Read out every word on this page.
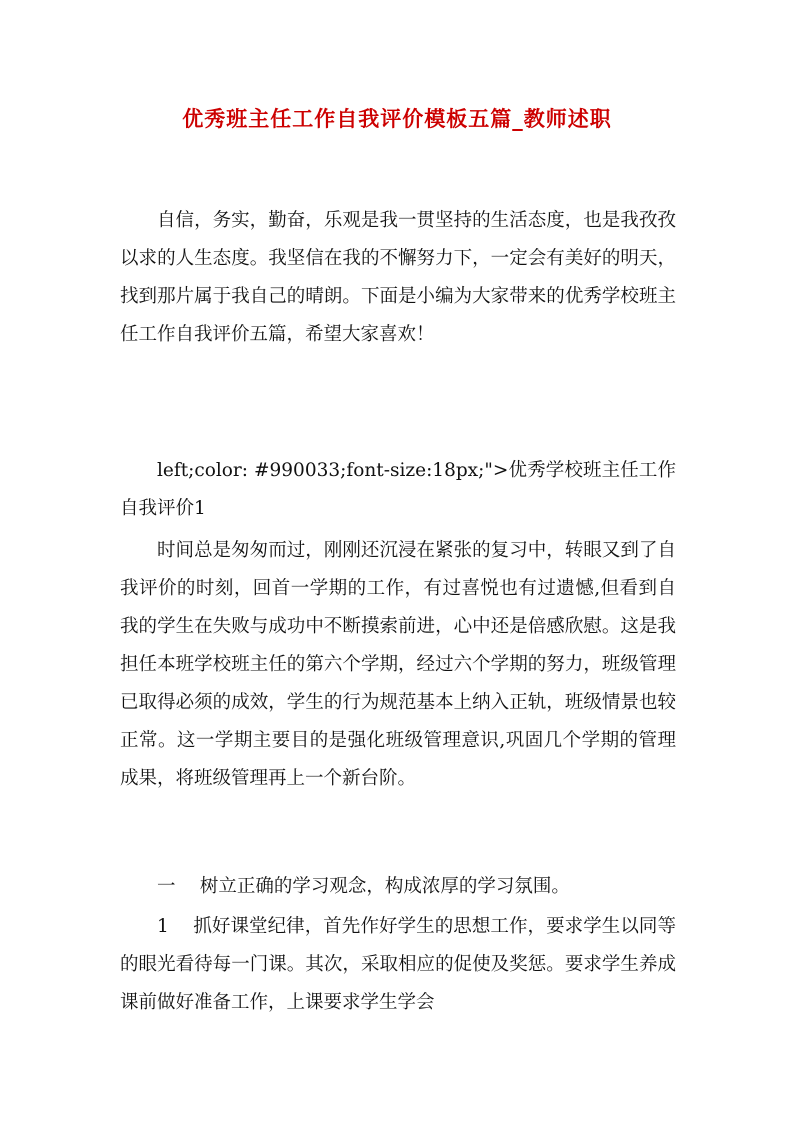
优秀班主任工作自我评价模板五篇_教师述职

自信，务实，勤奋，乐观是我一贯坚持的生活态度，也是我孜孜以求的人生态度。我坚信在我的不懈努力下，一定会有美好的明天，找到那片属于我自己的晴朗。下面是小编为大家带来的优秀学校班主任工作自我评价五篇，希望大家喜欢！

left;color: #990033;font-size:18px;">优秀学校班主任工作自我评价1

时间总是匆匆而过，刚刚还沉浸在紧张的复习中，转眼又到了自我评价的时刻，回首一学期的工作，有过喜悦也有过遗憾,但看到自我的学生在失败与成功中不断摸索前进，心中还是倍感欣慰。这是我担任本班学校班主任的第六个学期，经过六个学期的努力，班级管理已取得必须的成效，学生的行为规范基本上纳入正轨，班级情景也较正常。这一学期主要目的是强化班级管理意识,巩固几个学期的管理成果，将班级管理再上一个新台阶。

一　 树立正确的学习观念，构成浓厚的学习氛围。

1　 抓好课堂纪律，首先作好学生的思想工作，要求学生以同等的眼光看待每一门课。其次，采取相应的促使及奖惩。要求学生养成课前做好准备工作，上课要求学生学会
